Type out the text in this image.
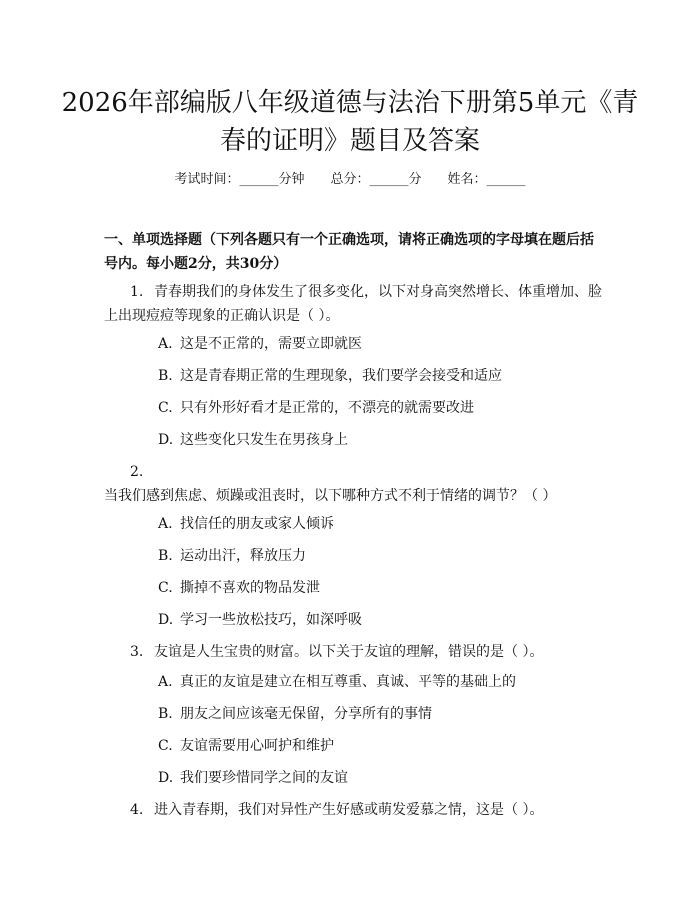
2026年部编版八年级道德与法治下册第5单元《青春的证明》题目及答案
考试时间：______分钟 总分：______分 姓名：______

一、单项选择题（下列各题只有一个正确选项，请将正确选项的字母填在题后括号内。每小题2分，共30分）

1. 青春期我们的身体发生了很多变化，以下对身高突然增长、体重增加、脸上出现痘痘等现象的正确认识是（ ）。

A. 这是不正常的，需要立即就医

B. 这是青春期正常的生理现象，我们要学会接受和适应

C. 只有外形好看才是正常的，不漂亮的就需要改进

D. 这些变化只发生在男孩身上

2.当我们感到焦虑、烦躁或沮丧时，以下哪种方式不利于情绪的调节？（ ）

A. 找信任的朋友或家人倾诉

B. 运动出汗，释放压力

C. 撕掉不喜欢的物品发泄

D. 学习一些放松技巧，如深呼吸

3. 友谊是人生宝贵的财富。以下关于友谊的理解，错误的是（ ）。

A. 真正的友谊是建立在相互尊重、真诚、平等的基础上的

B. 朋友之间应该毫无保留，分享所有的事情

C. 友谊需要用心呵护和维护

D. 我们要珍惜同学之间的友谊

4. 进入青春期，我们对异性产生好感或萌发爱慕之情，这是（ ）。
